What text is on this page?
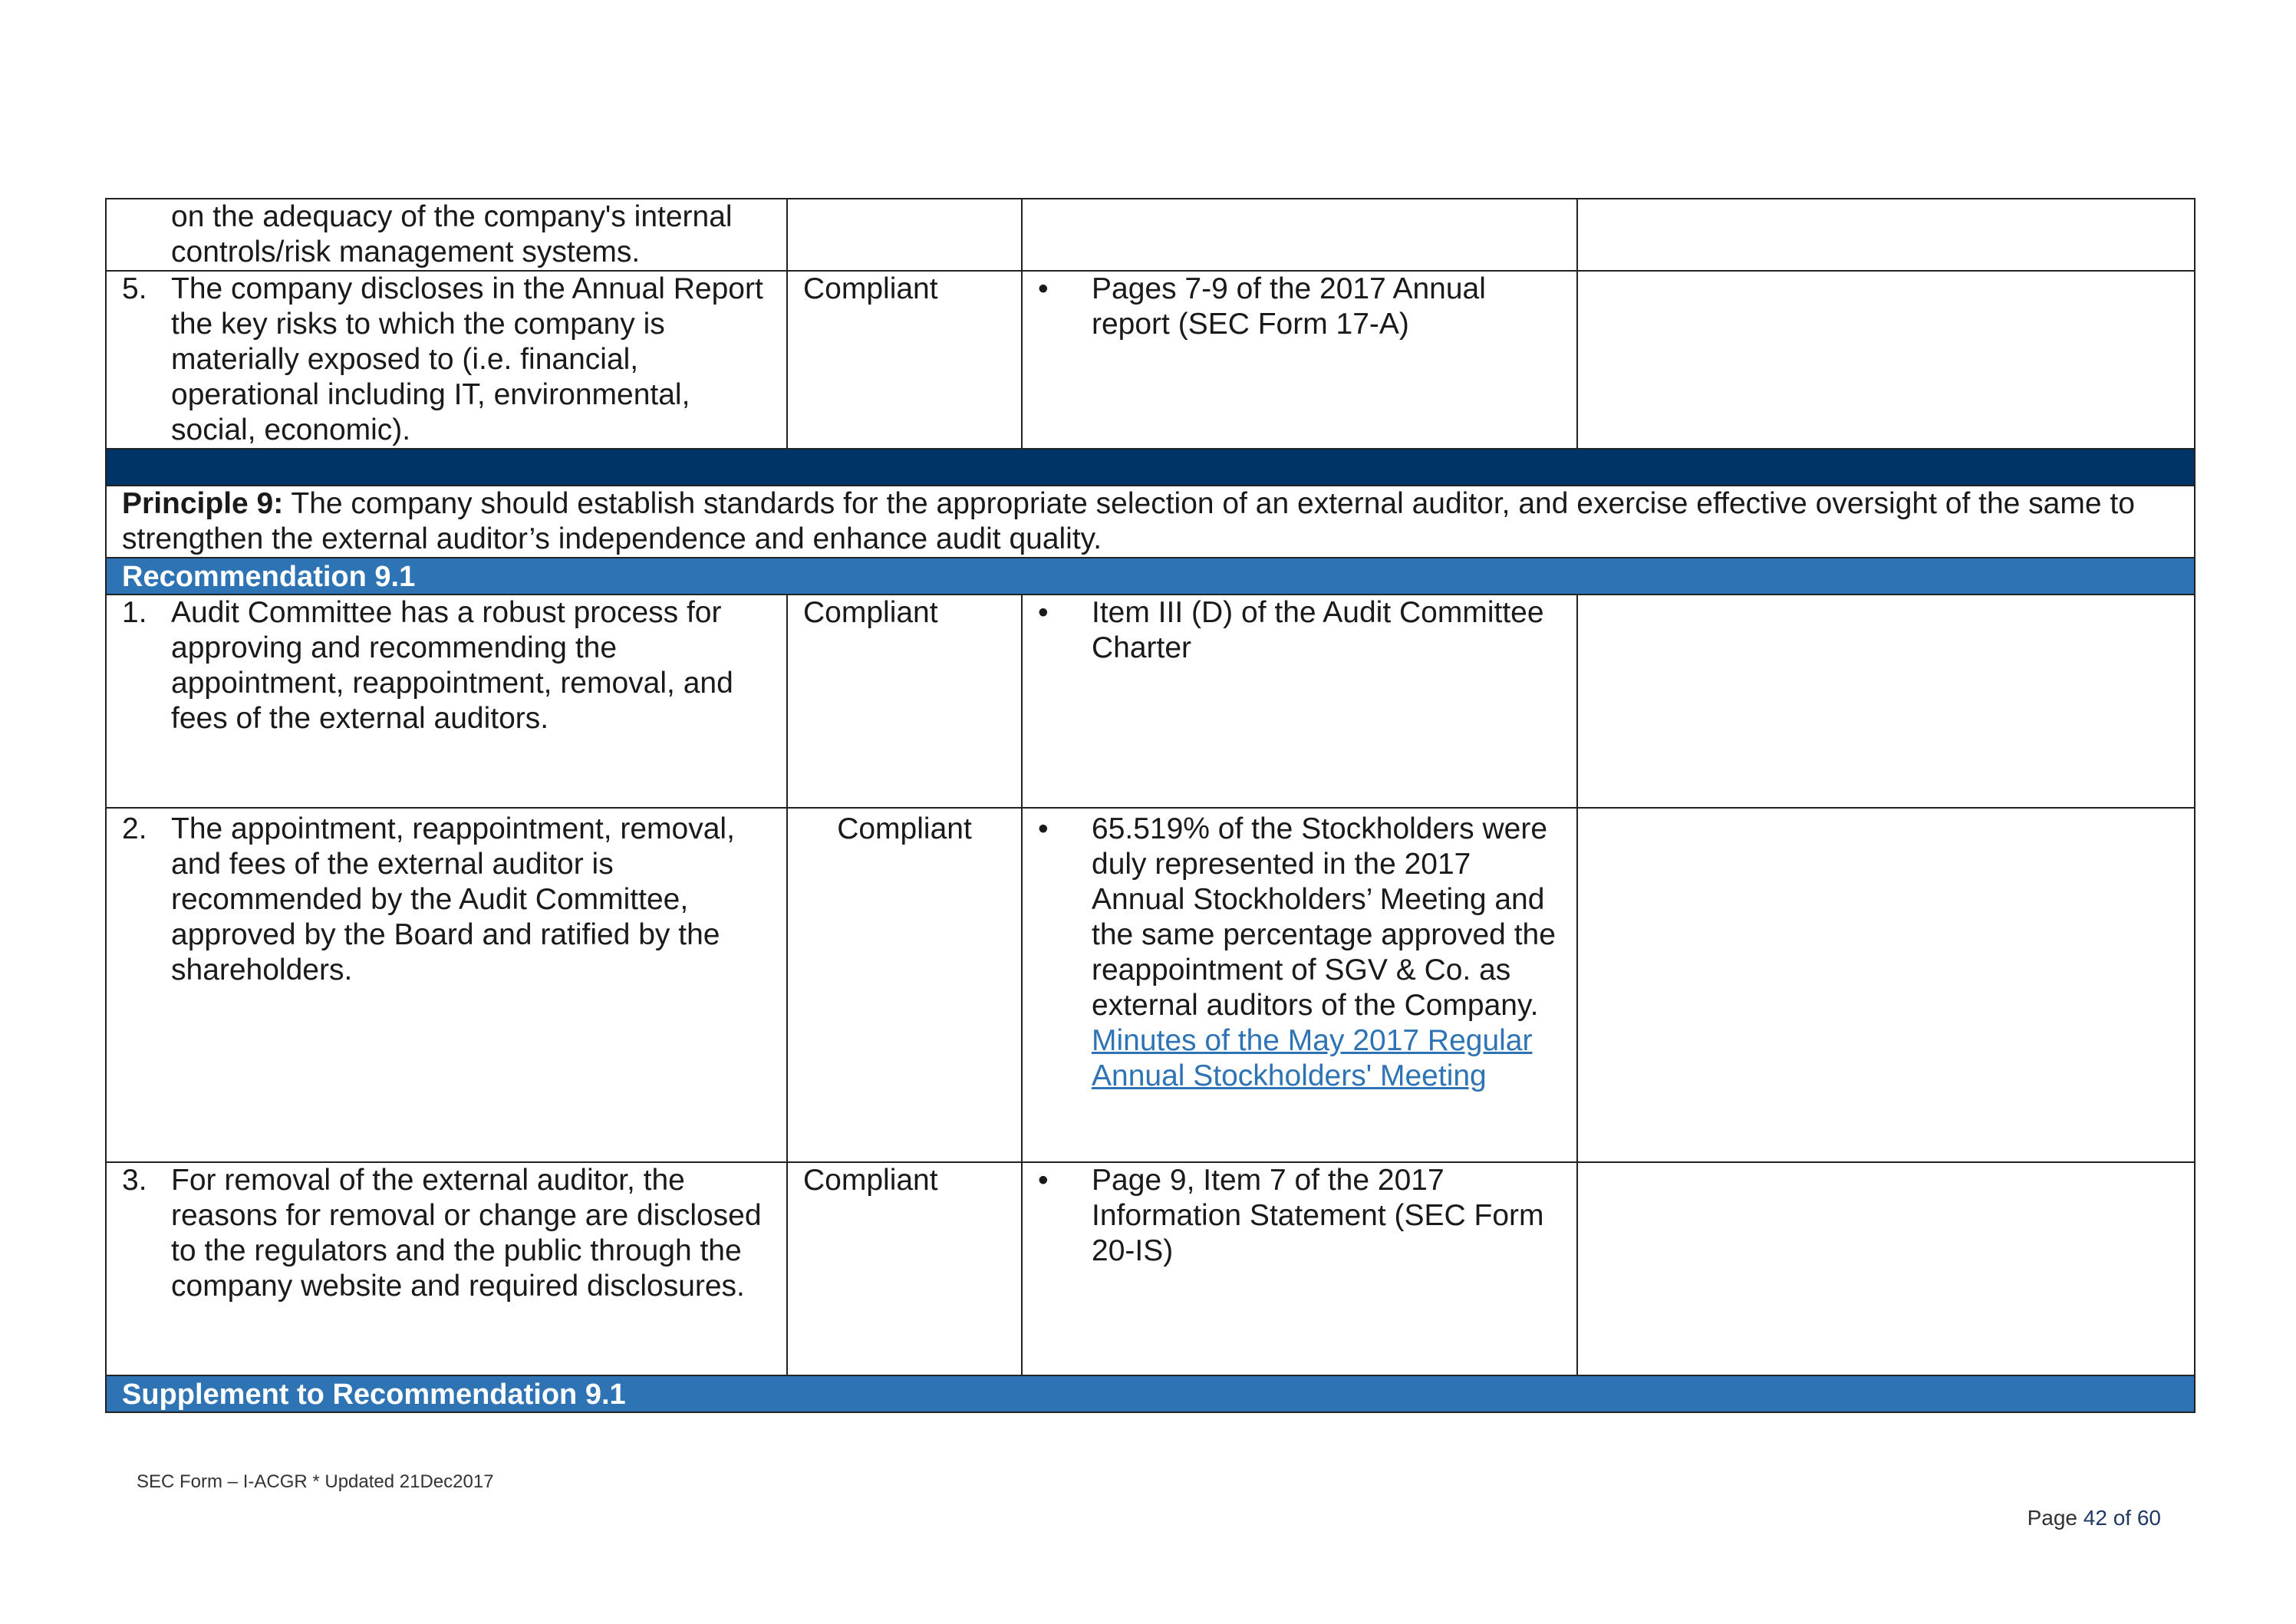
on the adequacy of the company's internal controls/risk management systems.			

5. The company discloses in the Annual Report the key risks to which the company is materially exposed to (i.e. financial, operational including IT, environmental, social, economic).	Compliant	• Pages 7-9 of the 2017 Annual report (SEC Form 17-A)	

Principle 9: The company should establish standards for the appropriate selection of an external auditor, and exercise effective oversight of the same to strengthen the external auditor’s independence and enhance audit quality.			
Recommendation 9.1			

1. Audit Committee has a robust process for approving and recommending the appointment, reappointment, removal, and fees of the external auditors.	Compliant	• Item III (D) of the Audit Committee Charter	

2. The appointment, reappointment, removal, and fees of the external auditor is recommended by the Audit Committee, approved by the Board and ratified by the shareholders.	Compliant	• 65.519% of the Stockholders were duly represented in the 2017 Annual Stockholders’ Meeting and the same percentage approved the reappointment of SGV & Co. as external auditors of the Company. Minutes of the May 2017 Regular Annual Stockholders' Meeting	

3. For removal of the external auditor, the reasons for removal or change are disclosed to the regulators and the public through the company website and required disclosures.	Compliant	• Page 9, Item 7 of the 2017 Information Statement (SEC Form 20-IS)	

Supplement to Recommendation 9.1			
SEC Form – I-ACGR * Updated 21Dec2017
Page 42 of 60
